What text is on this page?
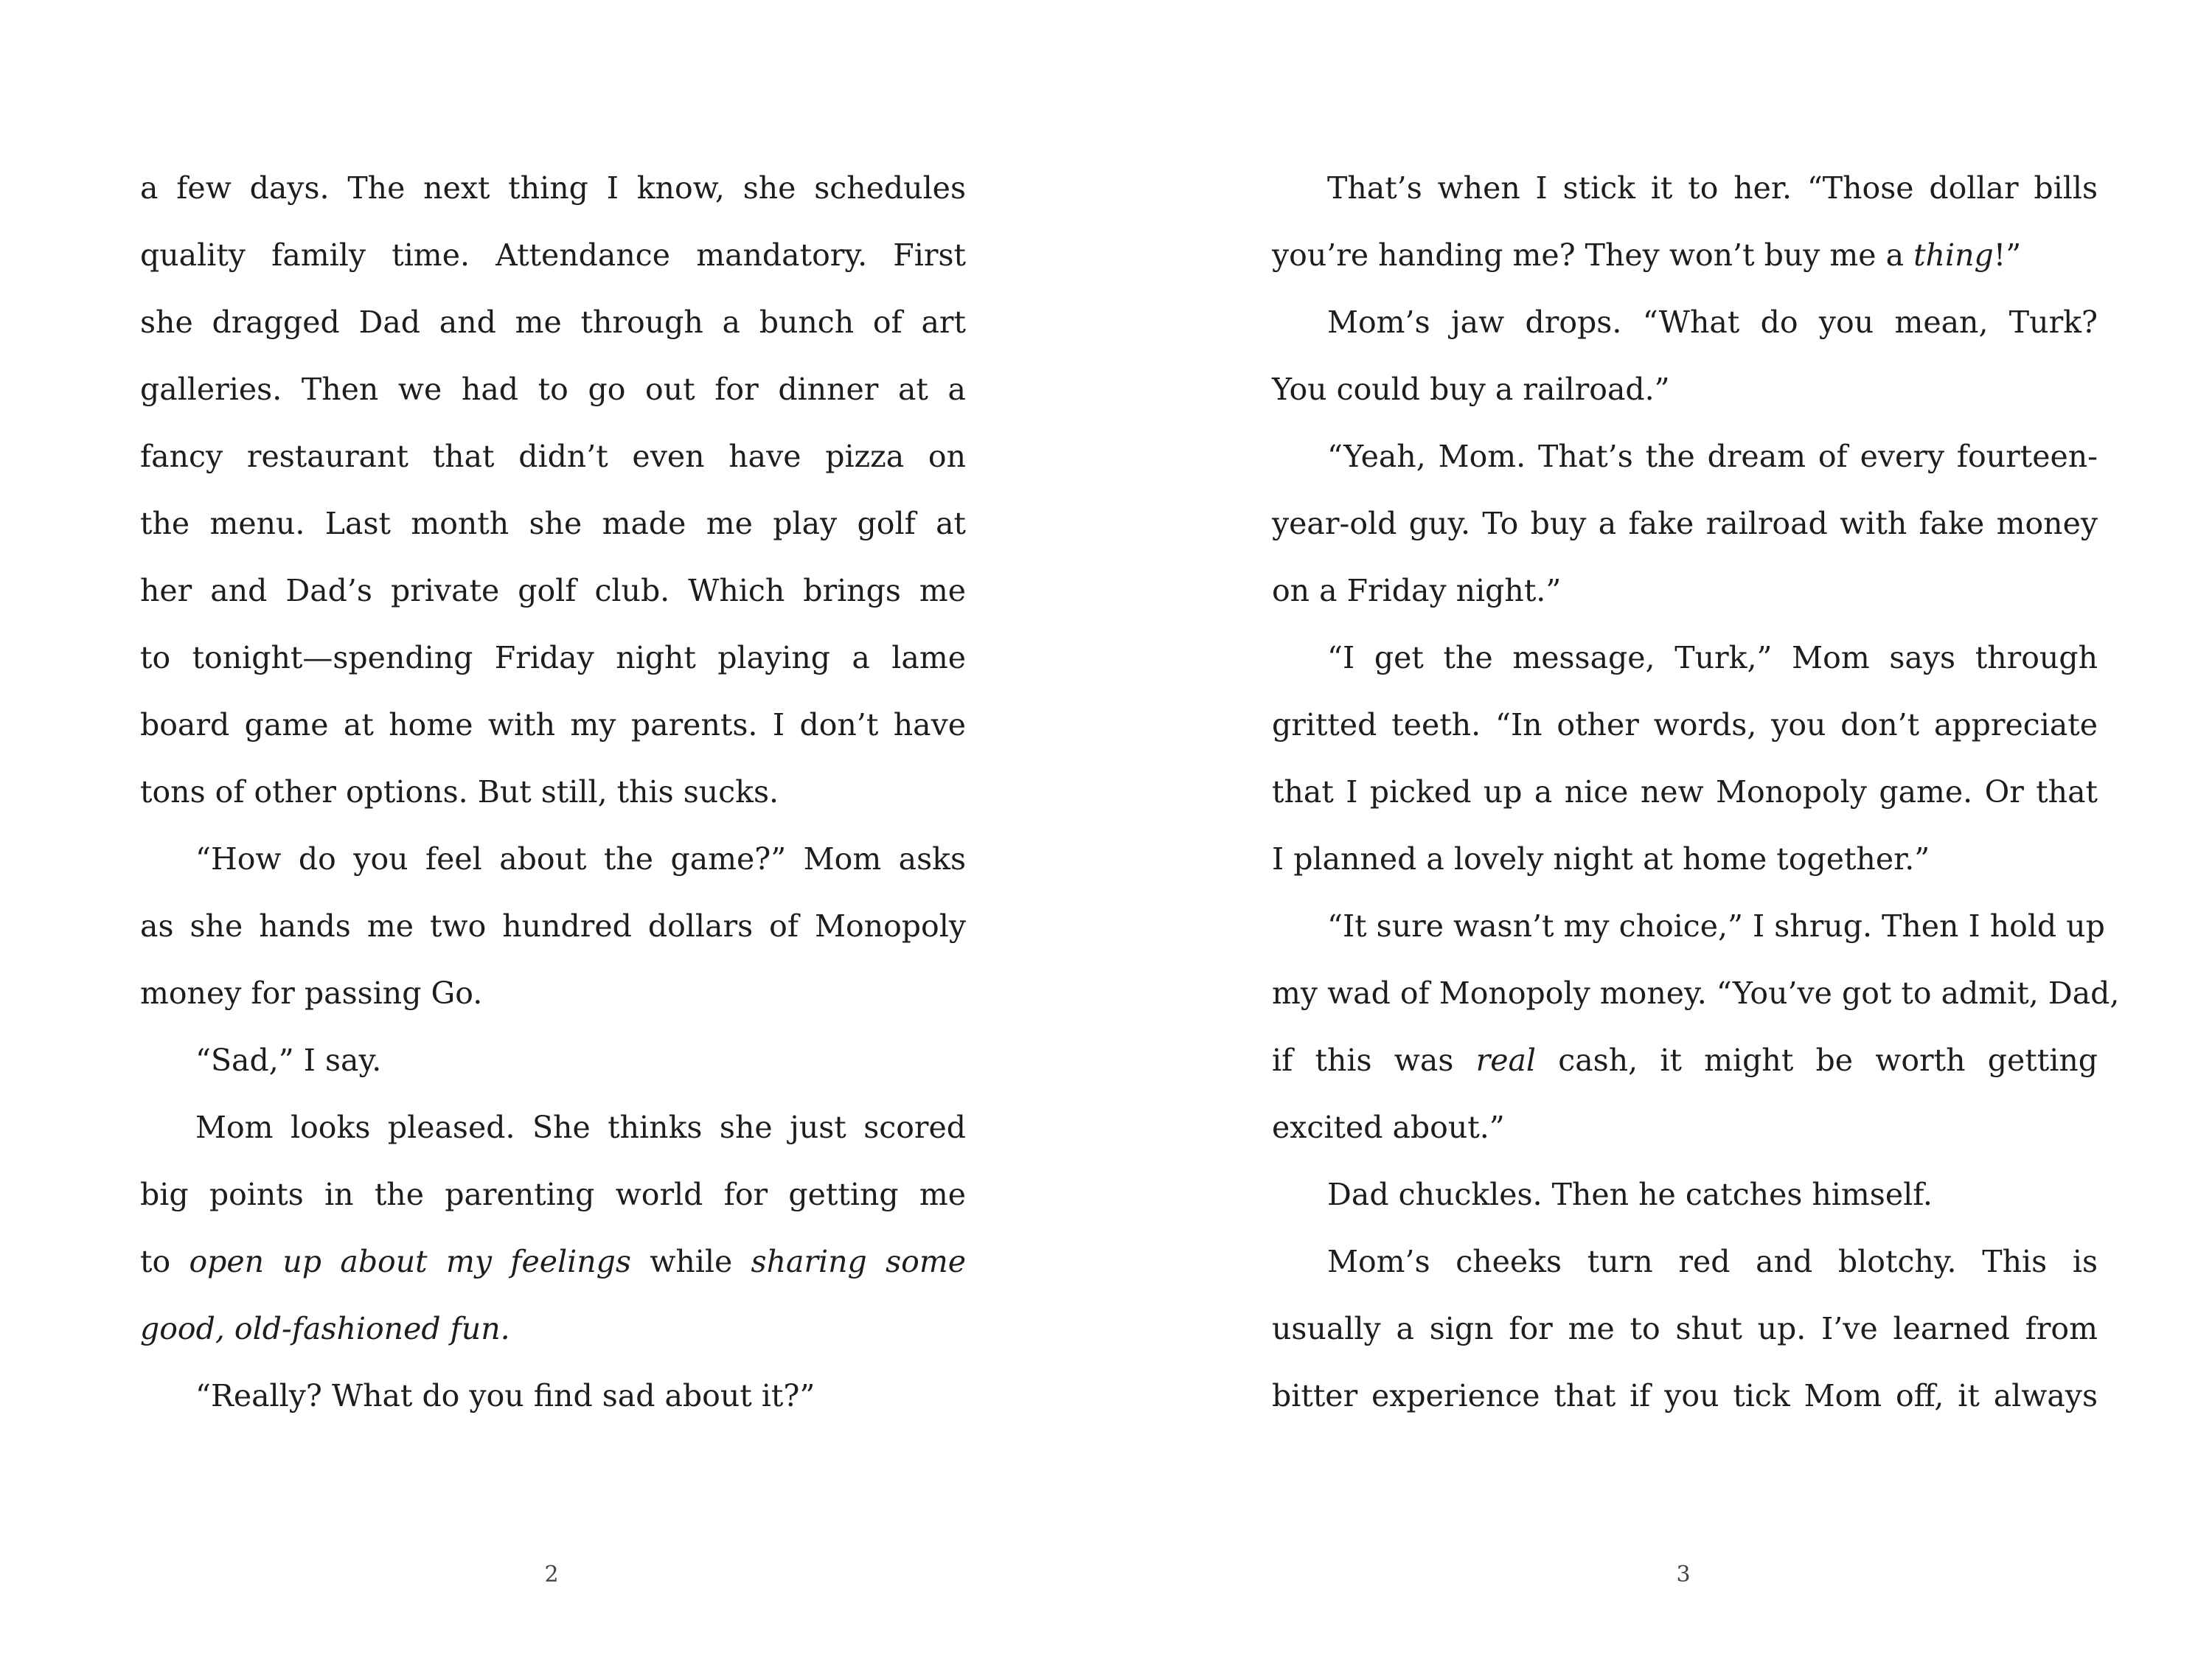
a few days. The next thing I know, she schedules
quality family time. Attendance mandatory. First
she dragged Dad and me through a bunch of art
galleries. Then we had to go out for dinner at a
fancy restaurant that didn’t even have pizza on
the menu. Last month she made me play golf at
her and Dad’s private golf club. Which brings me
to tonight—spending Friday night playing a lame
board game at home with my parents. I don’t have
tons of other options. But still, this sucks.
“How do you feel about the game?” Mom asks
as she hands me two hundred dollars of Monopoly
money for passing Go.
“Sad,” I say.
Mom looks pleased. She thinks she just scored
big points in the parenting world for getting me
to open up about my feelings while sharing some
good, old-fashioned fun.
“Really? What do you find sad about it?”
2
That’s when I stick it to her. “Those dollar bills
you’re handing me? They won’t buy me a thing!”
Mom’s jaw drops. “What do you mean, Turk?
You could buy a railroad.”
“Yeah, Mom. That’s the dream of every fourteen-
year-old guy. To buy a fake railroad with fake money
on a Friday night.”
“I get the message, Turk,” Mom says through
gritted teeth. “In other words, you don’t appreciate
that I picked up a nice new Monopoly game. Or that
I planned a lovely night at home together.”
“It sure wasn’t my choice,” I shrug. Then I hold up
my wad of Monopoly money. “You’ve got to admit, Dad,
if this was real cash, it might be worth getting
excited about.”
Dad chuckles. Then he catches himself.
Mom’s cheeks turn red and blotchy. This is
usually a sign for me to shut up. I’ve learned from
bitter experience that if you tick Mom off, it always
3
